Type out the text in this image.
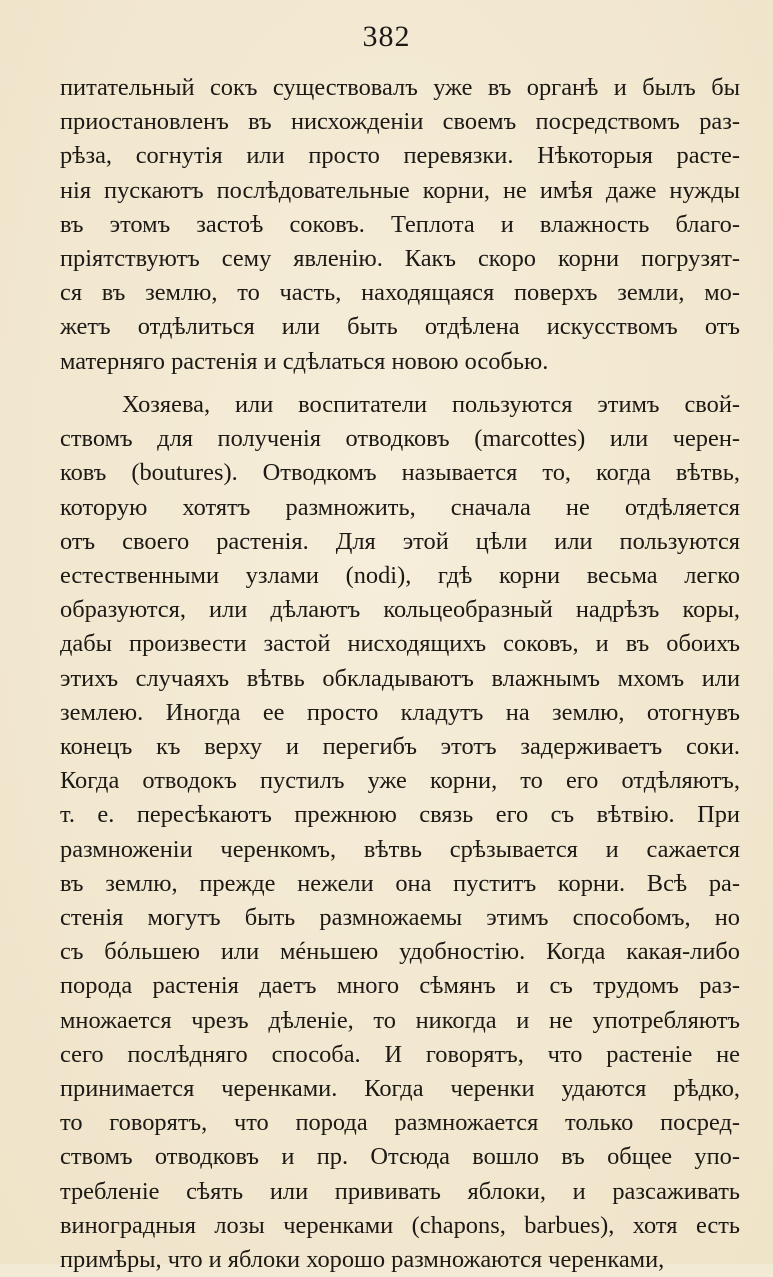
382
питательный сокъ существовалъ уже въ органѣ и былъ бы
приостановленъ въ нисхожденіи своемъ посредствомъ раз-
рѣза, согнутія или просто перевязки. Нѣкоторыя расте-
нія пускаютъ послѣдовательные корни, не имѣя даже нужды
въ этомъ застоѣ соковъ. Теплота и влажность благо-
пріятствуютъ сему явленію. Какъ скоро корни погрузят-
ся въ землю, то часть, находящаяся поверхъ земли, мо-
жетъ отдѣлиться или быть отдѣлена искусствомъ отъ
матерняго растенія и сдѣлаться новою особью.
Хозяева, или воспитатели пользуются этимъ свой-
ствомъ для полученія отводковъ (marcottes) или черен-
ковъ (boutures). Отводкомъ называется то, когда вѣтвь,
которую хотятъ размножить, сначала не отдѣляется
отъ своего растенія. Для этой цѣли или пользуются
естественными узлами (nodi), гдѣ корни весьма легко
образуются, или дѣлаютъ кольцеобразный надрѣзъ коры,
дабы произвести застой нисходящихъ соковъ, и въ обоихъ
этихъ случаяхъ вѣтвь обкладываютъ влажнымъ мхомъ или
землею. Иногда ее просто кладутъ на землю, отогнувъ
конецъ къ верху и перегибъ этотъ задерживаетъ соки.
Когда отводокъ пустилъ уже корни, то его отдѣляютъ,
т. е. пересѣкаютъ прежнюю связь его съ вѣтвію. При
размноженіи черенкомъ, вѣтвь срѣзывается и сажается
въ землю, прежде нежели она пуститъ корни. Всѣ ра-
стенія могутъ быть размножаемы этимъ способомъ, но
съ бóльшею или мéньшею удобностію. Когда какая-либо
порода растенія даетъ много сѣмянъ и съ трудомъ раз-
множается чрезъ дѣленіе, то никогда и не употребляютъ
сего послѣдняго способа. И говорятъ, что растеніе не
принимается черенками. Когда черенки удаются рѣдко,
то говорятъ, что порода размножается только посред-
ствомъ отводковъ и пр. Отсюда вошло въ общее упо-
требленіе сѣять или прививать яблоки, и разсаживать
виноградныя лозы черенками (chapons, barbues), хотя есть
примѣры, что и яблоки хорошо размножаются черенками,
